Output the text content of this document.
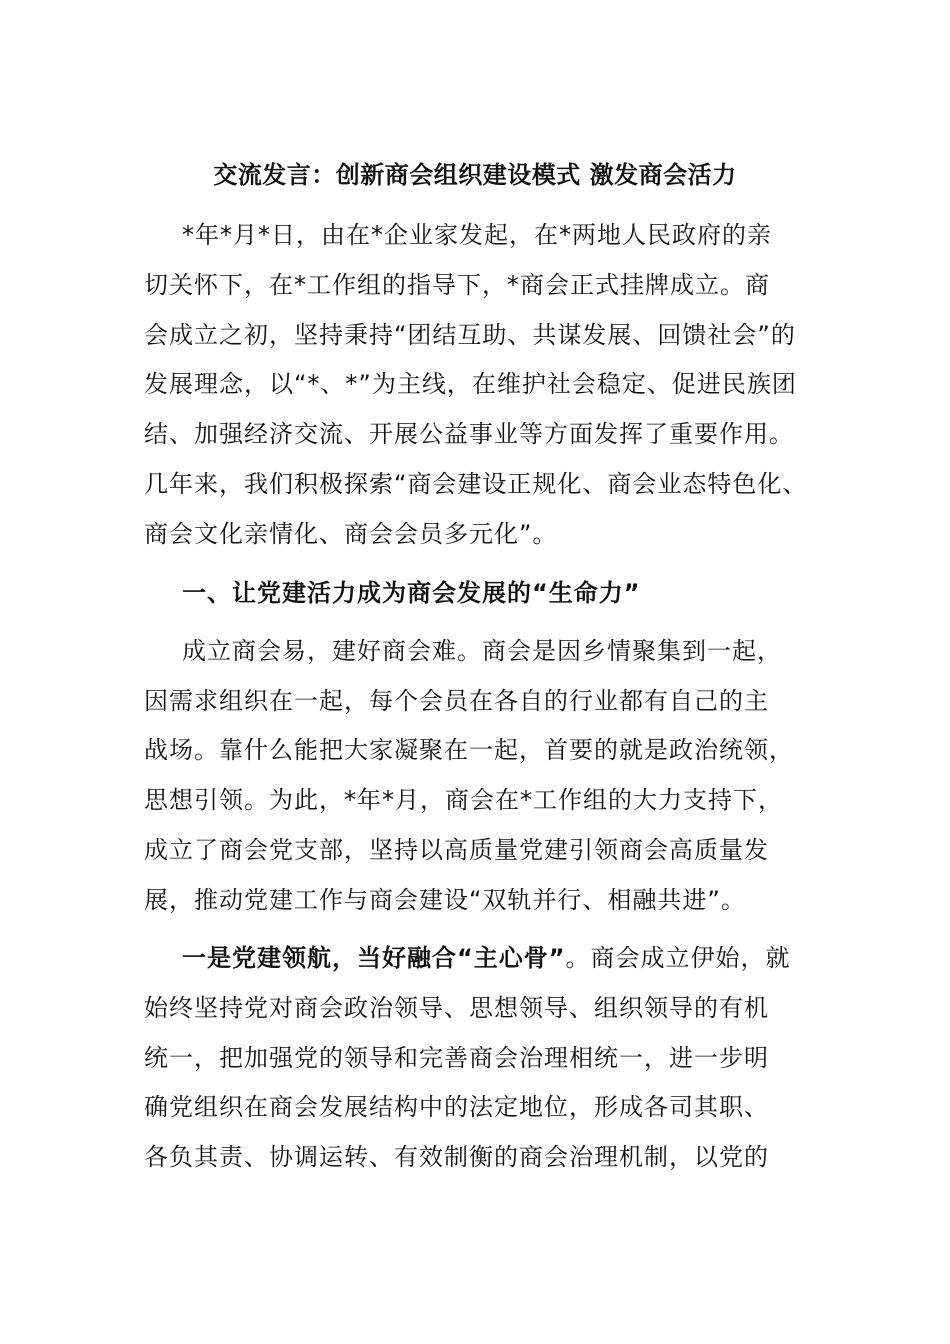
交流发言：创新商会组织建设模式 激发商会活力
*年*月*日，由在*企业家发起，在*两地人民政府的亲
切关怀下，在*工作组的指导下，*商会正式挂牌成立。商
会成立之初，坚持秉持“团结互助、共谋发展、回馈社会”的
发展理念，以“*、*”为主线，在维护社会稳定、促进民族团
结、加强经济交流、开展公益事业等方面发挥了重要作用。
几年来，我们积极探索“商会建设正规化、商会业态特色化、
商会文化亲情化、商会会员多元化”。
一、让党建活力成为商会发展的“生命力”
成立商会易，建好商会难。商会是因乡情聚集到一起，
因需求组织在一起，每个会员在各自的行业都有自己的主
战场。靠什么能把大家凝聚在一起，首要的就是政治统领，
思想引领。为此，*年*月，商会在*工作组的大力支持下，
成立了商会党支部，坚持以高质量党建引领商会高质量发
展，推动党建工作与商会建设“双轨并行、相融共进”。
一是党建领航，当好融合“主心骨”。商会成立伊始，就
始终坚持党对商会政治领导、思想领导、组织领导的有机
统一，把加强党的领导和完善商会治理相统一，进一步明
确党组织在商会发展结构中的法定地位，形成各司其职、
各负其责、协调运转、有效制衡的商会治理机制，以党的
